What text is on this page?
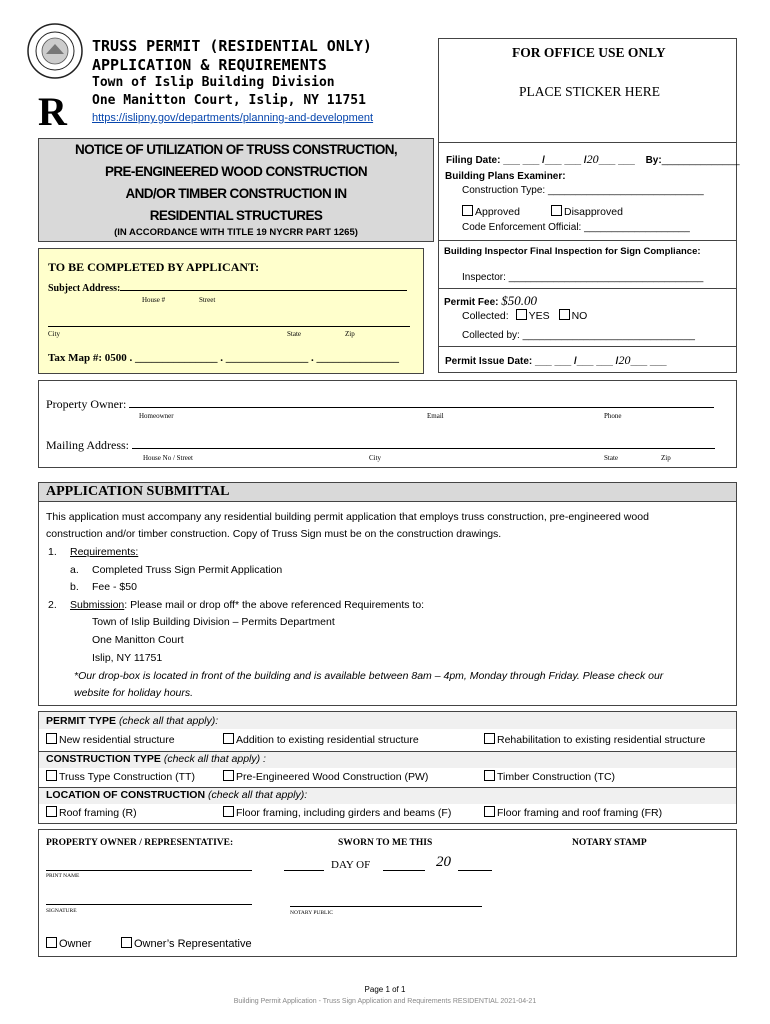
R
TRUSS PERMIT (RESIDENTIAL ONLY)
APPLICATION & REQUIREMENTS
Town of Islip Building Division
One Manitton Court, Islip, NY 11751
https://islipny.gov/departments/planning-and-development
FOR OFFICE USE ONLY
PLACE STICKER HERE
Filing Date: ___ ___ /___ ___ /20___ ___ By:______________
Building Plans Examiner:
Construction Type: ____________________________
Approved	Disapproved
Code Enforcement Official: ___________________
Building Inspector Final Inspection for Sign Compliance:
Inspector: ___________________________________
Permit Fee: $50.00
Collected: YES NO
Collected by: _______________________________
Permit Issue Date: ___ ___ /___ ___ /20___ ___
NOTICE OF UTILIZATION OF TRUSS CONSTRUCTION,
PRE-ENGINEERED WOOD CONSTRUCTION
AND/OR TIMBER CONSTRUCTION IN
RESIDENTIAL STRUCTURES
(IN ACCORDANCE WITH TITLE 19 NYCRR PART 1265)
TO BE COMPLETED BY APPLICANT:
Subject Address:
House #	Street
City	State	Zip
Tax Map #: 0500 . _______________ . _______________ . _______________
Property Owner:
Homeowner	Email	Phone
Mailing Address:
House No / Street	City	State	Zip
APPLICATION SUBMITTAL
This application must accompany any residential building permit application that employs truss construction, pre-engineered wood
construction and/or timber construction. Copy of Truss Sign must be on the construction drawings.
1. Requirements:
a. Completed Truss Sign Permit Application
b. Fee - $50
2. Submission: Please mail or drop off* the above referenced Requirements to:
Town of Islip Building Division – Permits Department
One Manitton Court
Islip, NY 11751
*Our drop-box is located in front of the building and is available between 8am – 4pm, Monday through Friday. Please check our
website for holiday hours.
PERMIT TYPE (check all that apply):
New residential structure	Addition to existing residential structure	Rehabilitation to existing residential structure
CONSTRUCTION TYPE (check all that apply) :
Truss Type Construction (TT)	Pre-Engineered Wood Construction (PW)	Timber Construction (TC)
LOCATION OF CONSTRUCTION (check all that apply):
Roof framing (R)	Floor framing, including girders and beams (F)	Floor framing and roof framing (FR)
PROPERTY OWNER / REPRESENTATIVE:	SWORN TO ME THIS	NOTARY STAMP
PRINT NAME
DAY OF	20
SIGNATURE	NOTARY PUBLIC
Owner	Owner’s Representative
Page 1 of 1
Building Permit Application - Truss Sign Application and Requirements RESIDENTIAL 2021-04-21
